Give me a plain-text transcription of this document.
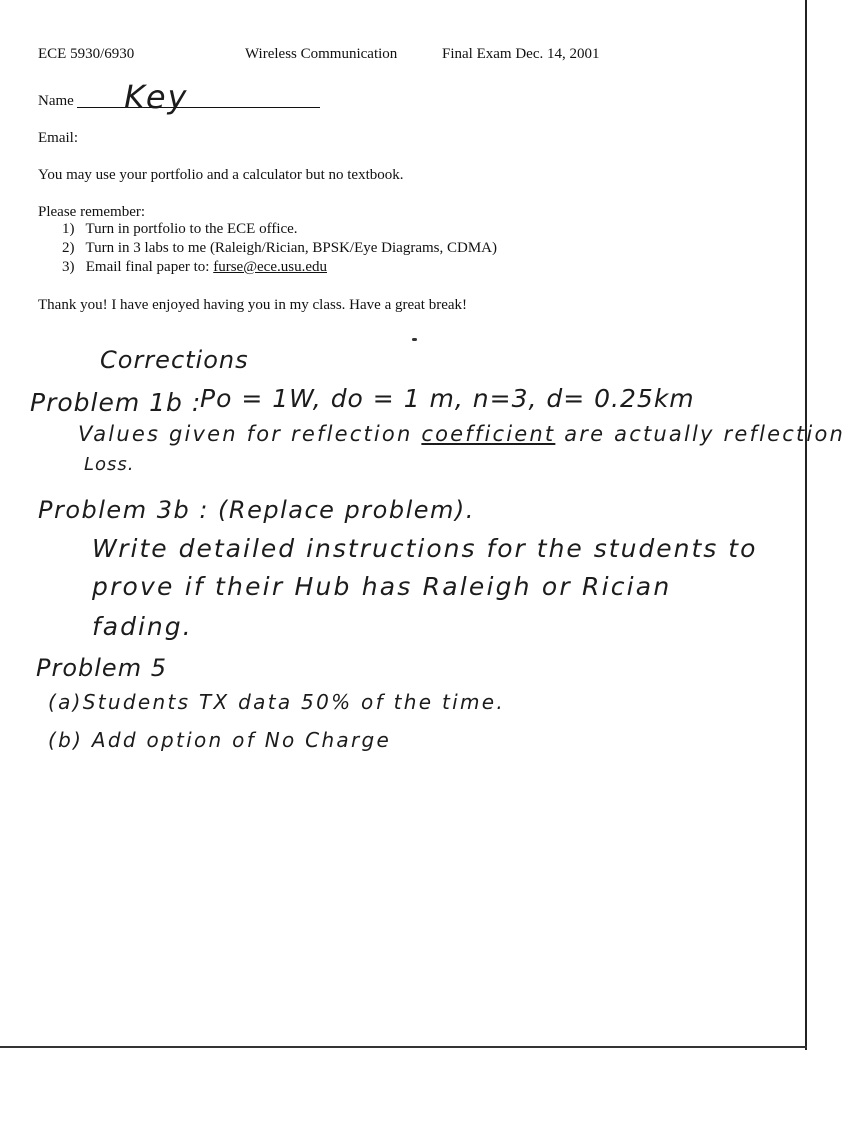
ECE 5930/6930	Wireless Communication	Final Exam Dec. 14, 2001
Name Key
Email:
You may use your portfolio and a calculator but no textbook.
Please remember:
1) Turn in portfolio to the ECE office.
2) Turn in 3 labs to me (Raleigh/Rician, BPSK/Eye Diagrams, CDMA)
3) Email final paper to: furse@ece.usu.edu
Thank you! I have enjoyed having you in my class. Have a great break!
Corrections
Problem 1b :
Po = 1W, do = 1 m, n=3, d= 0.25km
Values given for reflection coefficient are actually reflection
Loss.
Problem 3b : (Replace problem).
Write detailed instructions for the students to
prove if their Hub has Raleigh or Rician
fading.
Problem 5
(a)Students TX data 50% of the time.
(b) Add option of No Charge
